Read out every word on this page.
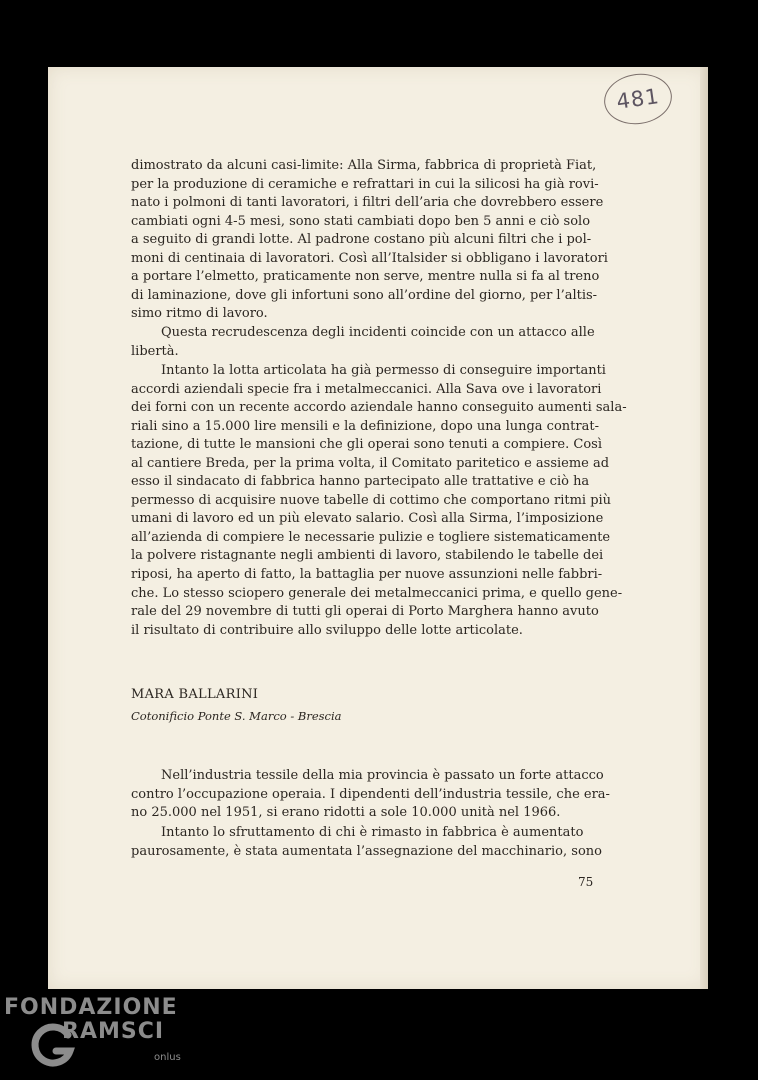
481

dimostrato da alcuni casi-limite: Alla Sirma, fabbrica di proprietà Fiat,
per la produzione di ceramiche e refrattari in cui la silicosi ha già rovi-
nato i polmoni di tanti lavoratori, i filtri dell’aria che dovrebbero essere
cambiati ogni 4-5 mesi, sono stati cambiati dopo ben 5 anni e ciò solo
a seguito di grandi lotte. Al padrone costano più alcuni filtri che i pol-
moni di centinaia di lavoratori. Così all’Italsider si obbligano i lavoratori
a portare l’elmetto, praticamente non serve, mentre nulla si fa al treno
di laminazione, dove gli infortuni sono all’ordine del giorno, per l’altis-
simo ritmo di lavoro.

Questa recrudescenza degli incidenti coincide con un attacco alle
libertà.

Intanto la lotta articolata ha già permesso di conseguire importanti
accordi aziendali specie fra i metalmeccanici. Alla Sava ove i lavoratori
dei forni con un recente accordo aziendale hanno conseguito aumenti sala-
riali sino a 15.000 lire mensili e la definizione, dopo una lunga contrat-
tazione, di tutte le mansioni che gli operai sono tenuti a compiere. Così
al cantiere Breda, per la prima volta, il Comitato paritetico e assieme ad
esso il sindacato di fabbrica hanno partecipato alle trattative e ciò ha
permesso di acquisire nuove tabelle di cottimo che comportano ritmi più
umani di lavoro ed un più elevato salario. Così alla Sirma, l’imposizione
all’azienda di compiere le necessarie pulizie e togliere sistematicamente
la polvere ristagnante negli ambienti di lavoro, stabilendo le tabelle dei
riposi, ha aperto di fatto, la battaglia per nuove assunzioni nelle fabbri-
che. Lo stesso sciopero generale dei metalmeccanici prima, e quello gene-
rale del 29 novembre di tutti gli operai di Porto Marghera hanno avuto
il risultato di contribuire allo sviluppo delle lotte articolate.

MARA BALLARINI
Cotonificio Ponte S. Marco - Brescia

Nell’industria tessile della mia provincia è passato un forte attacco
contro l’occupazione operaia. I dipendenti dell’industria tessile, che era-
no 25.000 nel 1951, si erano ridotti a sole 10.000 unità nel 1966.

Intanto lo sfruttamento di chi è rimasto in fabbrica è aumentato
paurosamente, è stata aumentata l’assegnazione del macchinario, sono

75
FONDAZIONE
RAMSCI
onlus
